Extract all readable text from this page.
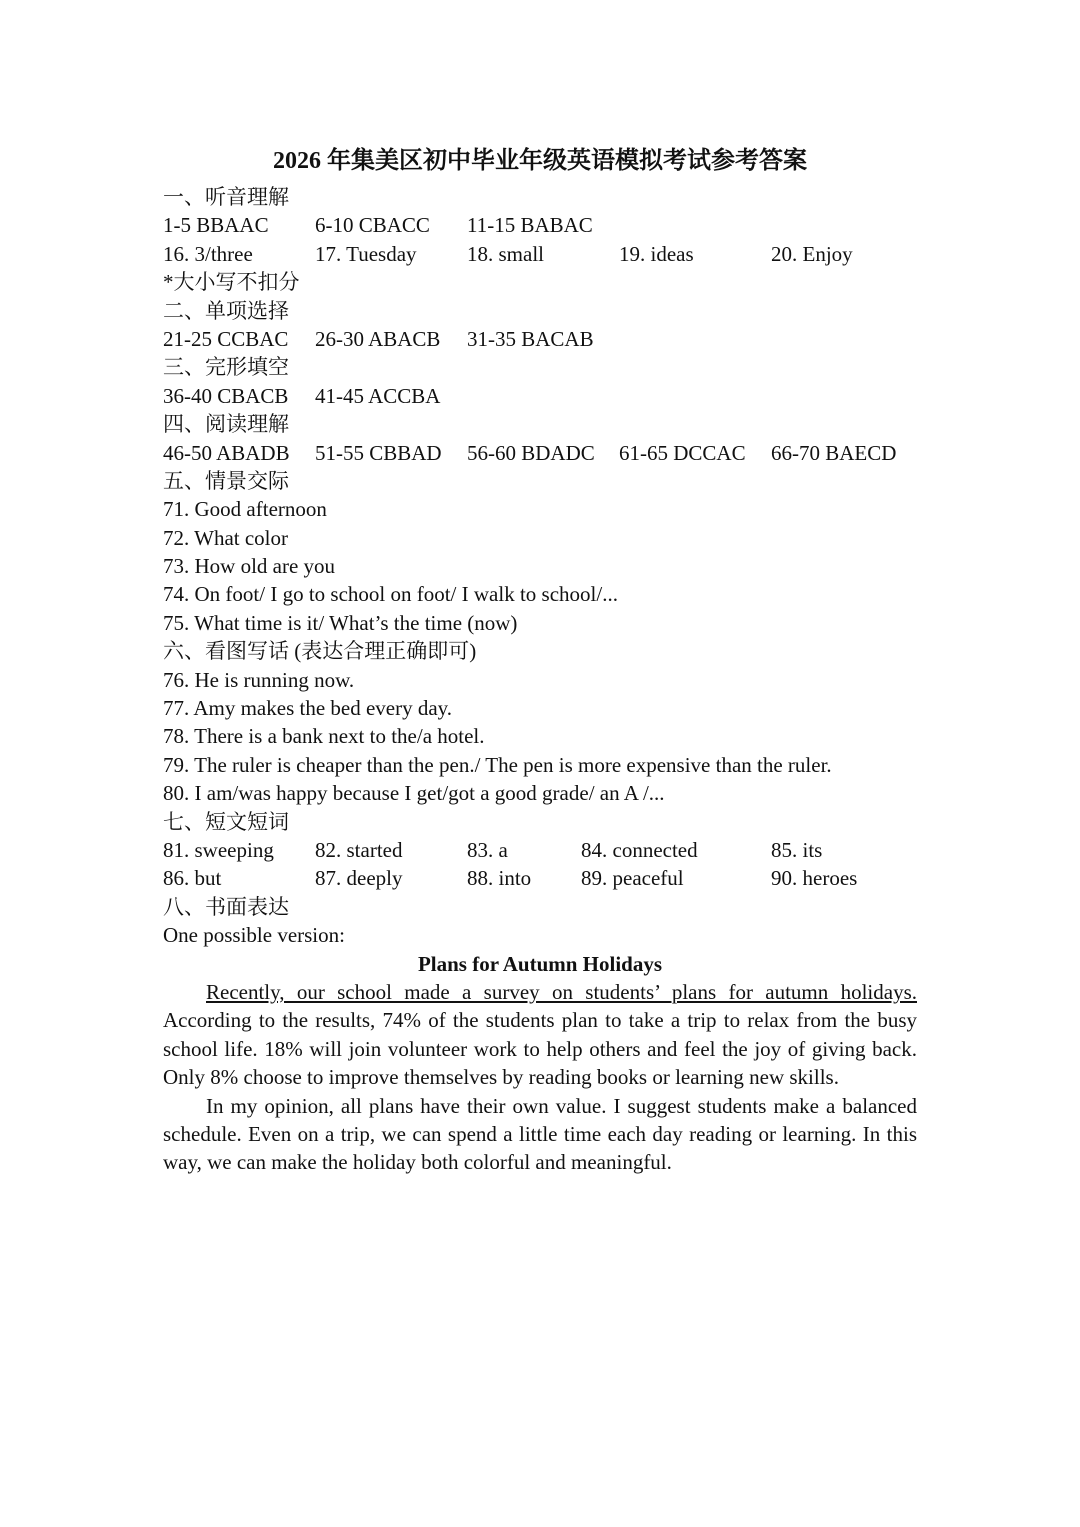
2026 年集美区初中毕业年级英语模拟考试参考答案
一、听音理解
1-5 BBAAC	6-10 CBACC	11-15 BABAC
16. 3/three	17. Tuesday	18. small	19. ideas	20. Enjoy
*大小写不扣分
二、单项选择
21-25 CCBAC	26-30 ABACB	31-35 BACAB
三、完形填空
36-40 CBACB	41-45 ACCBA
四、阅读理解
46-50 ABADB	51-55 CBBAD	56-60 BDADC	61-65 DCCAC	66-70 BAECD
五、情景交际
71. Good afternoon
72. What color
73. How old are you
74. On foot/ I go to school on foot/ I walk to school/...
75. What time is it/ What’s the time (now)
六、看图写话 (表达合理正确即可)
76. He is running now.
77. Amy makes the bed every day.
78. There is a bank next to the/a hotel.
79. The ruler is cheaper than the pen./ The pen is more expensive than the ruler.
80. I am/was happy because I get/got a good grade/ an A /...
七、短文短词
81. sweeping	82. started	83. a	84. connected	85. its
86. but	87. deeply	88. into	89. peaceful	90. heroes
八、书面表达
One possible version:
Plans for Autumn Holidays

Recently, our school made a survey on students’ plans for autumn holidays. According to the results, 74% of the students plan to take a trip to relax from the busy school life. 18% will join volunteer work to help others and feel the joy of giving back. Only 8% choose to improve themselves by reading books or learning new skills.

In my opinion, all plans have their own value. I suggest students make a balanced schedule. Even on a trip, we can spend a little time each day reading or learning. In this way, we can make the holiday both colorful and meaningful.
